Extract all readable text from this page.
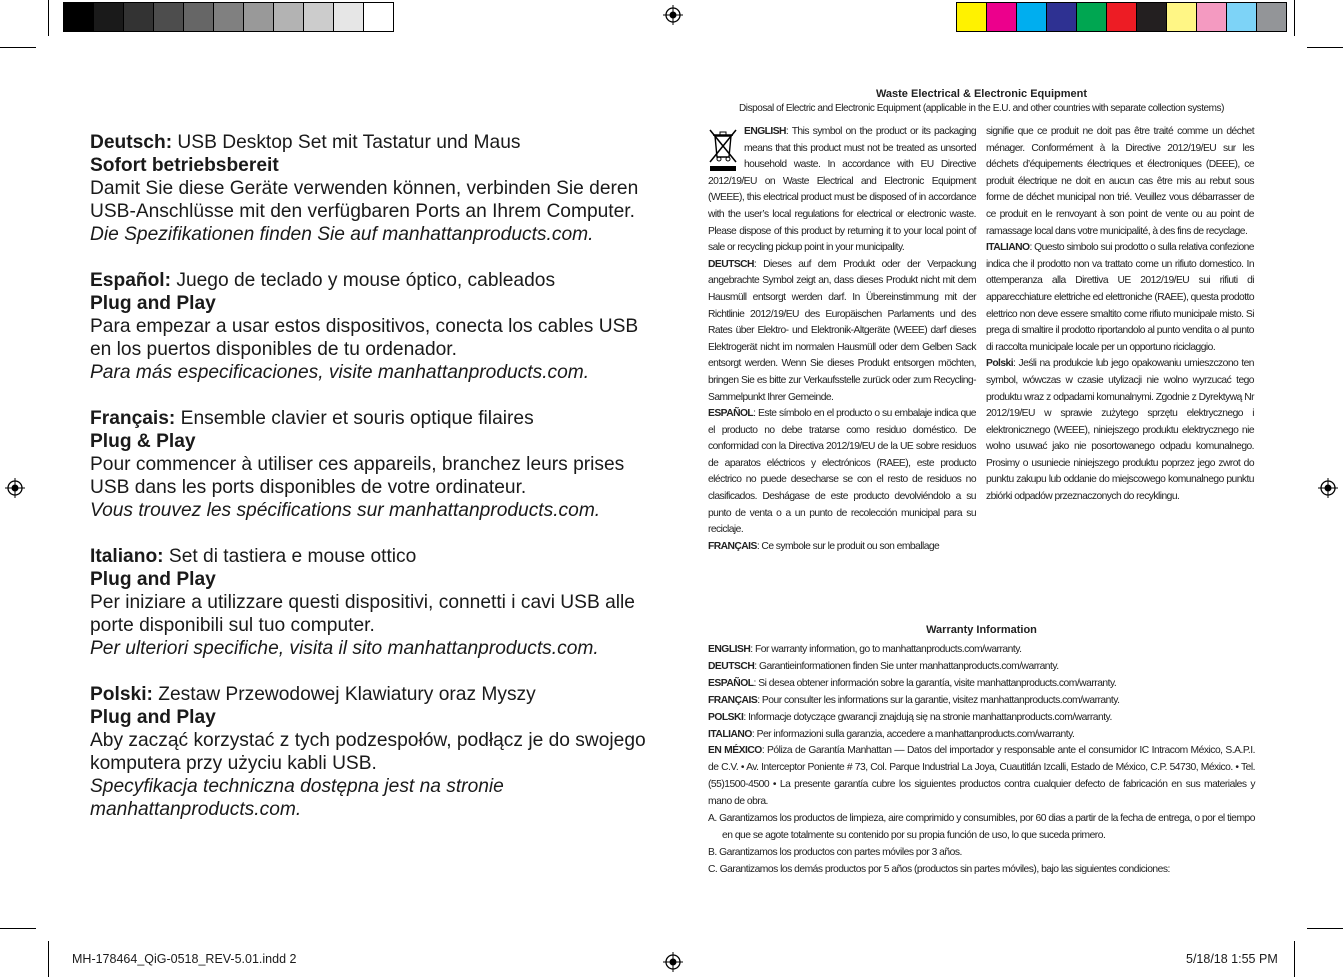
Deutsch: USB Desktop Set mit Tastatur und Maus
Sofort betriebsbereit
Damit Sie diese Geräte verwenden können, verbinden Sie deren USB-Anschlüsse mit den verfügbaren Ports an Ihrem Computer.
Die Spezifikationen finden Sie auf manhattanproducts.com.
Español: Juego de teclado y mouse óptico, cableados
Plug and Play
Para empezar a usar estos dispositivos, conecta los cables USB en los puertos disponibles de tu ordenador.
Para más especificaciones, visite manhattanproducts.com.
Français: Ensemble clavier et souris optique filaires
Plug & Play
Pour commencer à utiliser ces appareils, branchez leurs prises USB dans les ports disponibles de votre ordinateur.
Vous trouvez les spécifications sur manhattanproducts.com.
Italiano: Set di tastiera e mouse ottico
Plug and Play
Per iniziare a utilizzare questi dispositivi, connetti i cavi USB alle porte disponibili sul tuo computer.
Per ulteriori specifiche, visita il sito manhattanproducts.com.
Polski: Zestaw Przewodowej Klawiatury oraz Myszy
Plug and Play
Aby zacząć korzystać z tych podzespołów, podłącz je do swojego komputera przy użyciu kabli USB.
Specyfikacja techniczna dostępna jest na stronie manhattanproducts.com.
Waste Electrical & Electronic Equipment
Disposal of Electric and Electronic Equipment (applicable in the E.U. and other countries with separate collection systems)
ENGLISH
: This symbol on the product or its packaging means that this product must not be treated as unsorted household waste. In accordance with EU Directive 2012/19/EU on Waste Electrical and Electronic Equipment (WEEE), this electrical product must be disposed of in accordance with the user’s local regulations for electrical or electronic waste. Please dispose of this product by returning it to your local point of sale or recycling pickup point in your municipality.
DEUTSCH: Dieses auf dem Produkt oder der Verpackung angebrachte Symbol zeigt an, dass dieses Produkt nicht mit dem Hausmüll entsorgt werden darf. In Übereinstimmung mit der Richtlinie 2012/19/EU des Europäischen Parlaments und des Rates über Elektro- und Elektronik-Altgeräte (WEEE) darf dieses Elektrogerät nicht im normalen Hausmüll oder dem Gelben Sack entsorgt werden. Wenn Sie dieses Produkt entsorgen möchten, bringen Sie es bitte zur Verkaufsstelle zurück oder zum Recycling-Sammelpunkt Ihrer Gemeinde.
ESPAÑOL: Este símbolo en el producto o su embalaje indica que el producto no debe tratarse como residuo doméstico. De conformidad con la Directiva 2012/19/EU de la UE sobre residuos de aparatos eléctricos y electrónicos (RAEE), este producto eléctrico no puede desecharse se con el resto de residuos no clasificados. Deshágase de este producto devolviéndolo a su punto de venta o a un punto de recolección municipal para su reciclaje.
FRANÇAIS: Ce symbole sur le produit ou son emballage
signifie que ce produit ne doit pas être traité comme un déchet ménager. Conformément à la Directive 2012/19/EU sur les déchets d’équipements électriques et électroniques (DEEE), ce produit électrique ne doit en aucun cas être mis au rebut sous forme de déchet municipal non trié. Veuillez vous débarrasser de ce produit en le renvoyant à son point de vente ou au point de ramassage local dans votre municipalité, à des fins de recyclage.
ITALIANO: Questo simbolo sui prodotto o sulla relativa confezione indica che il prodotto non va trattato come un rifiuto domestico. In ottemperanza alla Direttiva UE 2012/19/EU sui rifiuti di apparecchiature elettriche ed elettroniche (RAEE), questa prodotto elettrico non deve essere smaltito come rifiuto municipale misto. Si prega di smaltire il prodotto riportandolo al punto vendita o al punto di raccolta municipale locale per un opportuno riciclaggio.
Polski: Jeśli na produkcie lub jego opakowaniu umieszczono ten symbol, wówczas w czasie utylizacji nie wolno wyrzucać tego produktu wraz z odpadami komunalnymi. Zgodnie z Dyrektywą Nr 2012/19/EU w sprawie zużytego sprzętu elektrycznego i elektronicznego (WEEE), niniejszego produktu elektrycznego nie wolno usuwać jako nie posortowanego odpadu komunalnego. Prosimy o usuniecie niniejszego produktu poprzez jego zwrot do punktu zakupu lub oddanie do miejscowego komunalnego punktu zbiórki odpadów przeznaczonych do recyklingu.
Warranty Information

ENGLISH: For warranty information, go to manhattanproducts.com/warranty.

DEUTSCH: Garantieinformationen finden Sie unter manhattanproducts.com/warranty.

ESPAÑOL: Si desea obtener información sobre la garantía, visite manhattanproducts.com/warranty.

FRANÇAIS: Pour consulter les informations sur la garantie, visitez manhattanproducts.com/warranty.

POLSKI: Informacje dotyczące gwarancji znajdują się na stronie manhattanproducts.com/warranty.

ITALIANO: Per informazioni sulla garanzia, accedere a manhattanproducts.com/warranty.

EN MÉXICO: Póliza de Garantía Manhattan — Datos del importador y responsable ante el consumidor IC Intracom México, S.A.P.I. de C.V. • Av. Interceptor Poniente # 73, Col. Parque Industrial La Joya, Cuautitlán Izcalli, Estado de México, C.P. 54730, México. • Tel. (55)1500-4500 • La presente garantía cubre los siguientes productos contra cualquier defecto de fabricación en sus materiales y mano de obra.

A. Garantizamos los productos de limpieza, aire comprimido y consumibles, por 60 dias a partir de la fecha de entrega, o por el tiempo en que se agote totalmente su contenido por su propia función de uso, lo que suceda primero.

B. Garantizamos los productos con partes móviles por 3 años.

C. Garantizamos los demás productos por 5 años (productos sin partes móviles), bajo las siguientes condiciones:

MH-178464_QiG-0518_REV-5.01.indd 2	5/18/18 1:55 PM
